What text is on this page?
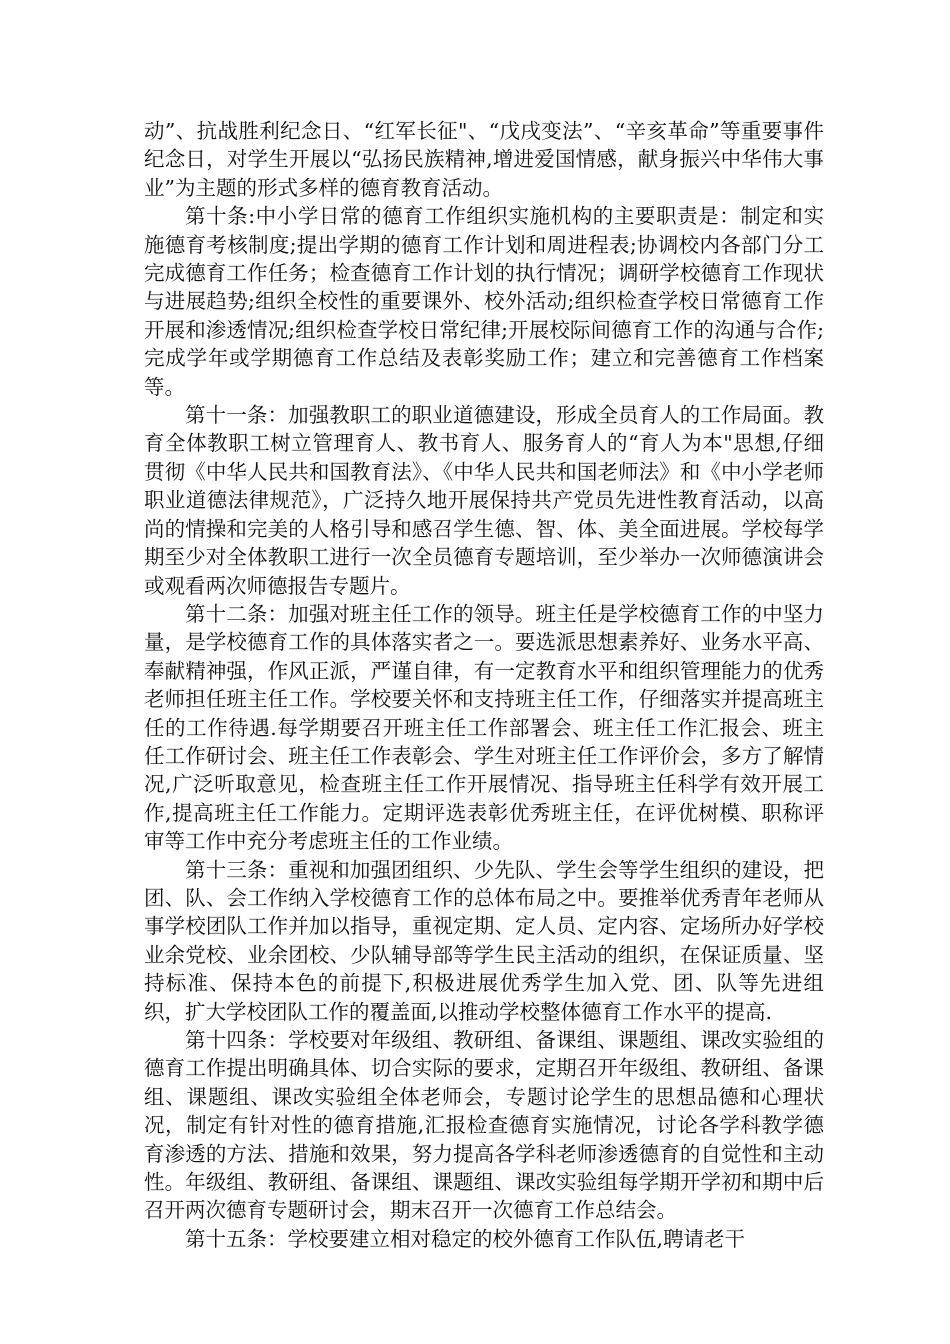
动”、抗战胜利纪念日、“红军长征"、“戊戌变法”、“辛亥革命”等重要事件纪念日，对学生开展以“弘扬民族精神,增进爱国情感，献身振兴中华伟大事业”为主题的形式多样的德育教育活动。

第十条:中小学日常的德育工作组织实施机构的主要职责是：制定和实施德育考核制度;提出学期的德育工作计划和周进程表;协调校内各部门分工完成德育工作任务；检查德育工作计划的执行情况；调研学校德育工作现状与进展趋势;组织全校性的重要课外、校外活动;组织检查学校日常德育工作开展和渗透情况;组织检查学校日常纪律;开展校际间德育工作的沟通与合作;完成学年或学期德育工作总结及表彰奖励工作；建立和完善德育工作档案等。

第十一条：加强教职工的职业道德建设，形成全员育人的工作局面。教育全体教职工树立管理育人、教书育人、服务育人的“育人为本"思想,仔细贯彻《中华人民共和国教育法》、《中华人民共和国老师法》和《中小学老师职业道德法律规范》，广泛持久地开展保持共产党员先进性教育活动，以高尚的情操和完美的人格引导和感召学生德、智、体、美全面进展。学校每学期至少对全体教职工进行一次全员德育专题培训，至少举办一次师德演讲会或观看两次师德报告专题片。

第十二条：加强对班主任工作的领导。班主任是学校德育工作的中坚力量，是学校德育工作的具体落实者之一。要选派思想素养好、业务水平高、奉献精神强，作风正派，严谨自律，有一定教育水平和组织管理能力的优秀老师担任班主任工作。学校要关怀和支持班主任工作，仔细落实并提高班主任的工作待遇.每学期要召开班主任工作部署会、班主任工作汇报会、班主任工作研讨会、班主任工作表彰会、学生对班主任工作评价会，多方了解情况,广泛听取意见，检查班主任工作开展情况、指导班主任科学有效开展工作,提高班主任工作能力。定期评选表彰优秀班主任，在评优树模、职称评审等工作中充分考虑班主任的工作业绩。

第十三条：重视和加强团组织、少先队、学生会等学生组织的建设，把团、队、会工作纳入学校德育工作的总体布局之中。要推举优秀青年老师从事学校团队工作并加以指导，重视定期、定人员、定内容、定场所办好学校业余党校、业余团校、少队辅导部等学生民主活动的组织，在保证质量、坚持标准、保持本色的前提下,积极进展优秀学生加入党、团、队等先进组织，扩大学校团队工作的覆盖面,以推动学校整体德育工作水平的提高.

第十四条：学校要对年级组、教研组、备课组、课题组、课改实验组的德育工作提出明确具体、切合实际的要求，定期召开年级组、教研组、备课组、课题组、课改实验组全体老师会，专题讨论学生的思想品德和心理状况，制定有针对性的德育措施,汇报检查德育实施情况，讨论各学科教学德育渗透的方法、措施和效果，努力提高各学科老师渗透德育的自觉性和主动性。年级组、教研组、备课组、课题组、课改实验组每学期开学初和期中后召开两次德育专题研讨会，期末召开一次德育工作总结会。

第十五条：学校要建立相对稳定的校外德育工作队伍,聘请老干
